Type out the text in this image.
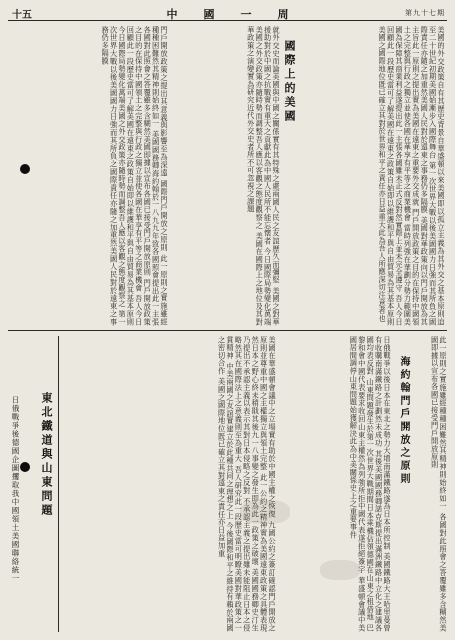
十五	中國一周	第九十七期
國際上的美國	美國的外交政策自有其歷史背景自華盛頓以來美國即以孤立主義為其外交之基本原則迨至二十世紀初期美國始漸步入國際舞台 第一次世界大戰以後美國國力日強而其所負之國際責任亦隨之加重然美國人民對於遠東之事務仍多隔膜 美國對華政策向以門戶開放為其主旨此一原則之提出實為美國在遠東之重要外交成就 門戶開放政策之目的在保持中國領土之完整與行政之獨立並使各國在華享有平等之商業機會 當時列強在華劃分勢力範圍美國為保障其商業利益遂提出此一主張各國雖未正式反對然實際上並未完全遵守 吾人今日回顧此一段歷史當可了解美國在遠東之政策自始即以維護和平與自由貿易為其基本原則 美國之國際地位既已確立其對於世界和平之責任亦日益重大此為吾人所應深切注意者也
就外交史而論美國與中國之關係實有其特殊之處兩國人民之友誼歷久而彌堅 美國之對華援助對於中國之抗戰實有重大之貢獻此為中國人民所不能忘懷者 今日國際局勢變化萬端美國之外交政策亦隨時勢而調整吾人應以客觀之態度觀察之 美國在國際上之地位及其對華政策之演變實為研究近代外交史者所不可忽視之課題
門戶開放政策之提出其意義與影響至為深遠 國際門戶開放之原則 此一原則之實施雖經種種困難然其精神則始終如一 美國國務卿海約翰於一八九九年致各國照會提出此一主張 各國對此照會之答覆雖多含糊然美國即據以宣布各國已接受門戶開放原則 門戶開放政策之目的在保持中國領土之完整與行政之獨立並使各國在華享有平等之商業機會 吾人今日回顧此一段歷史當可了解美國在遠東之政策自始即以維護和平與自由貿易為其基本原則 今日國際局勢變化萬端美國之外交政策亦隨時勢而調整吾人應以客觀之態度觀察之 第一次世界大戰以後美國國力日強而其所負之國際責任亦隨之加重然美國人民對於遠東之事務仍多隔膜
海約翰門戶開放之原則	此一原則之實施雖經種種困難然其精神則始終如一 各國對此照會之答覆雖多含糊然美國即據以宣布各國已接受門戶開放原則
日俄戰爭以後日本在東北之勢力大增南滿鐵路遂為日本所控制 美國鐵路大王哈里曼曾有收購南滿鐵路之計劃然未成功 其後美國國務卿諾克斯提出滿洲鐵路中立化之建議各國均表反對 山東問題發生於第一次世界大戰期間日本乘機佔領德國在山東之租借地 巴黎和會中國代表要求收回山東主權然為列強所拒中國代表遂拒絕簽字 華盛頓會議中美國居間調停山東問題始獲解決此為中美關係史上之重要事件
美國在華盛頓會議中之立場實有助於中國主權之恢復 九國公約之簽訂確認門戶開放之原則並尊重中國之主權獨立與領土完整 此一公約之精神實為美國遠東政策之具體表現 然日本之野心終未稍戢其後九一八事變之發生即為此一政策之破壞 美國國務卿史汀生乃提出不承認主義以表示其對日本侵略之反對 不承認主義之提出雖未能阻止日本之侵略然其在國際法上之意義則至為重大 吾人研究此一段歷史當可明瞭美國對華政策之一貫精神 中美兩國之友誼實建立於此種共同之理想之上 今後國際和平之維持有賴於兩國之密切合作 美國之國際地位既已確立其對遠東之責任亦日益加重
東北鐵道與山東問題
日俄戰爭後德國企圖攫取我中國領土美國聯絡統一
